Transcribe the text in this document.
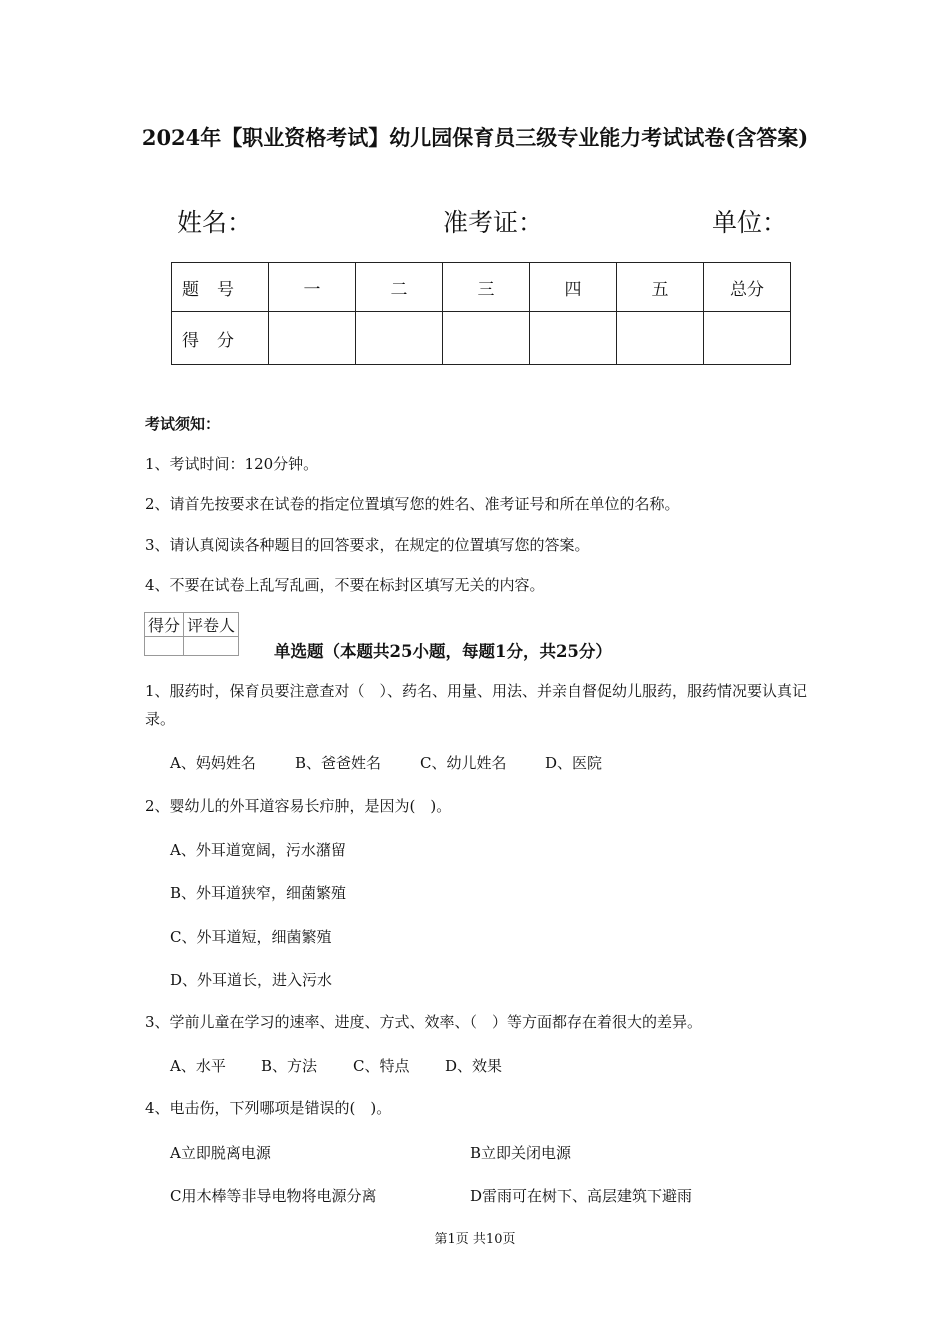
2024年【职业资格考试】幼儿园保育员三级专业能力考试试卷(含答案)
姓名：	准考证：	单位：
题号	一	二	三	四	五	总分
得分						
考试须知：
1、考试时间：120分钟。
2、请首先按要求在试卷的指定位置填写您的姓名、准考证号和所在单位的名称。
3、请认真阅读各种题目的回答要求，在规定的位置填写您的答案。
4、不要在试卷上乱写乱画，不要在标封区填写无关的内容。
得分	评卷人

单选题（本题共25小题，每题1分，共25分）
1、服药时，保育员要注意查对（　）、药名、用量、用法、并亲自督促幼儿服药，服药情况要认真记录。
A、妈妈姓名	B、爸爸姓名	C、幼儿姓名	D、医院
2、婴幼儿的外耳道容易长疖肿，是因为(　)。
A、外耳道宽阔，污水潴留
B、外耳道狭窄，细菌繁殖
C、外耳道短，细菌繁殖
D、外耳道长，进入污水
3、学前儿童在学习的速率、进度、方式、效率、（　）等方面都存在着很大的差异。
A、水平 B、方法 C、特点 D、效果
4、电击伤，下列哪项是错误的(　)。
A立即脱离电源	B立即关闭电源
C用木棒等非导电物将电源分离	D雷雨可在树下、高层建筑下避雨
第1页 共10页
